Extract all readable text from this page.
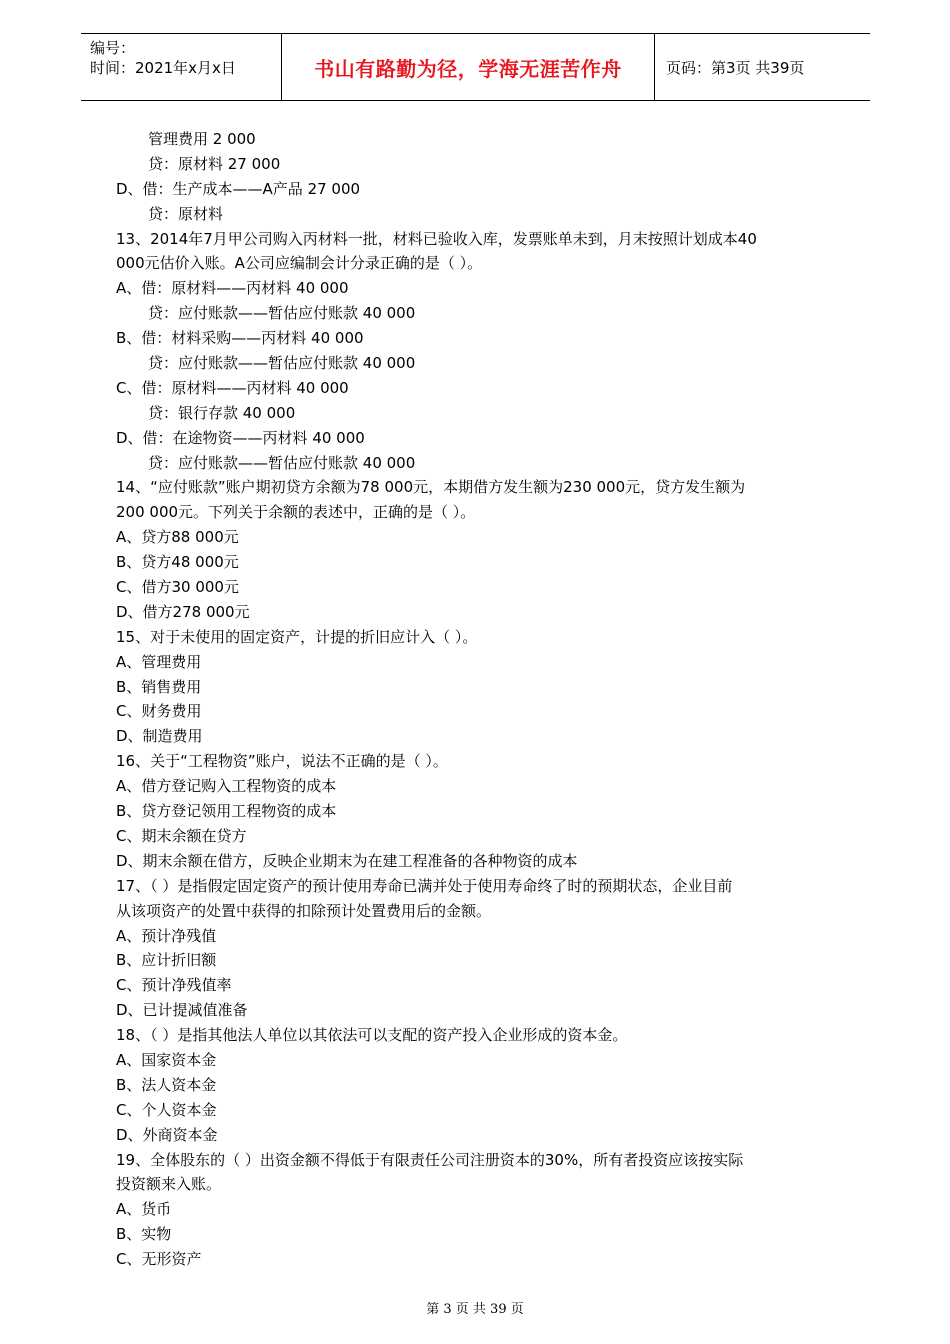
编号：
时间：2021年x月x日	书山有路勤为径，学海无涯苦作舟	页码：第3页 共39页
管理费用 2 000
贷：原材料 27 000
D、借：生产成本——A产品 27 000
贷：原材料
13、2014年7月甲公司购入丙材料一批，材料已验收入库，发票账单未到，月末按照计划成本40
000元估价入账。A公司应编制会计分录正确的是（ ）。
A、借：原材料——丙材料 40 000
贷：应付账款——暂估应付账款 40 000
B、借：材料采购——丙材料 40 000
贷：应付账款——暂估应付账款 40 000
C、借：原材料——丙材料 40 000
贷：银行存款 40 000
D、借：在途物资——丙材料 40 000
贷：应付账款——暂估应付账款 40 000
14、“应付账款”账户期初贷方余额为78 000元，本期借方发生额为230 000元，贷方发生额为
200 000元。下列关于余额的表述中，正确的是（ ）。
A、贷方88 000元
B、贷方48 000元
C、借方30 000元
D、借方278 000元
15、对于未使用的固定资产，计提的折旧应计入（ ）。
A、管理费用
B、销售费用
C、财务费用
D、制造费用
16、关于“工程物资”账户，说法不正确的是（ ）。
A、借方登记购入工程物资的成本
B、贷方登记领用工程物资的成本
C、期末余额在贷方
D、期末余额在借方，反映企业期末为在建工程准备的各种物资的成本
17、（ ）是指假定固定资产的预计使用寿命已满并处于使用寿命终了时的预期状态，企业目前
从该项资产的处置中获得的扣除预计处置费用后的金额。
A、预计净残值
B、应计折旧额
C、预计净残值率
D、已计提减值准备
18、（ ）是指其他法人单位以其依法可以支配的资产投入企业形成的资本金。
A、国家资本金
B、法人资本金
C、个人资本金
D、外商资本金
19、全体股东的（ ）出资金额不得低于有限责任公司注册资本的30%，所有者投资应该按实际
投资额来入账。
A、货币
B、实物
C、无形资产
第 3 页 共 39 页
